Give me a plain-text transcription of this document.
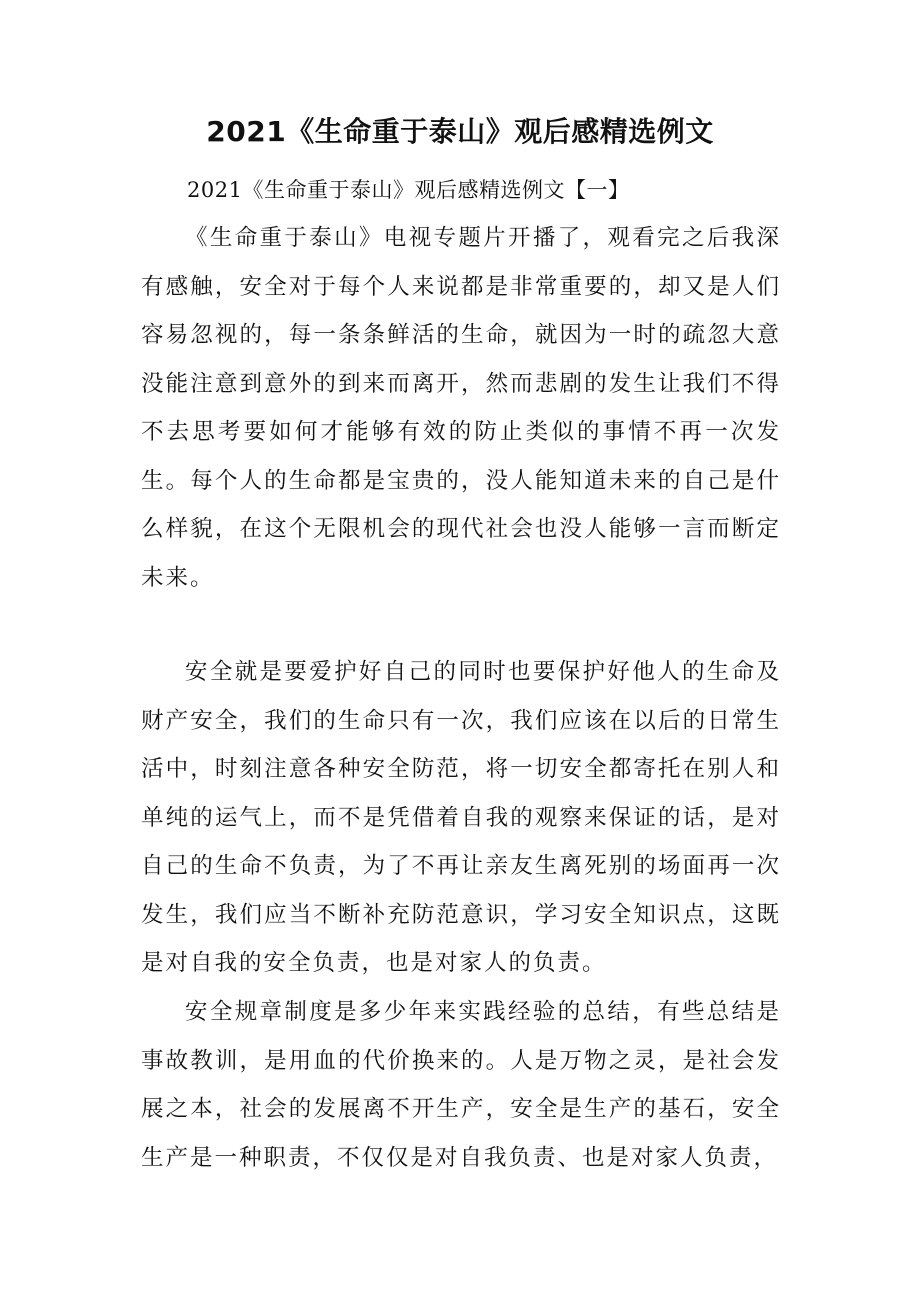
2021《生命重于泰山》观后感精选例文

2021《生命重于泰山》观后感精选例文【一】

《生命重于泰山》电视专题片开播了，观看完之后我深有感触，安全对于每个人来说都是非常重要的，却又是人们容易忽视的，每一条条鲜活的生命，就因为一时的疏忽大意没能注意到意外的到来而离开，然而悲剧的发生让我们不得不去思考要如何才能够有效的防止类似的事情不再一次发生。每个人的生命都是宝贵的，没人能知道未来的自己是什么样貌，在这个无限机会的现代社会也没人能够一言而断定未来。

安全就是要爱护好自己的同时也要保护好他人的生命及财产安全，我们的生命只有一次，我们应该在以后的日常生活中，时刻注意各种安全防范，将一切安全都寄托在别人和单纯的运气上，而不是凭借着自我的观察来保证的话，是对自己的生命不负责，为了不再让亲友生离死别的场面再一次发生，我们应当不断补充防范意识，学习安全知识点，这既是对自我的安全负责，也是对家人的负责。

安全规章制度是多少年来实践经验的总结，有些总结是事故教训，是用血的代价换来的。人是万物之灵，是社会发展之本，社会的发展离不开生产，安全是生产的基石，安全生产是一种职责，不仅仅是对自我负责、也是对家人负责，
